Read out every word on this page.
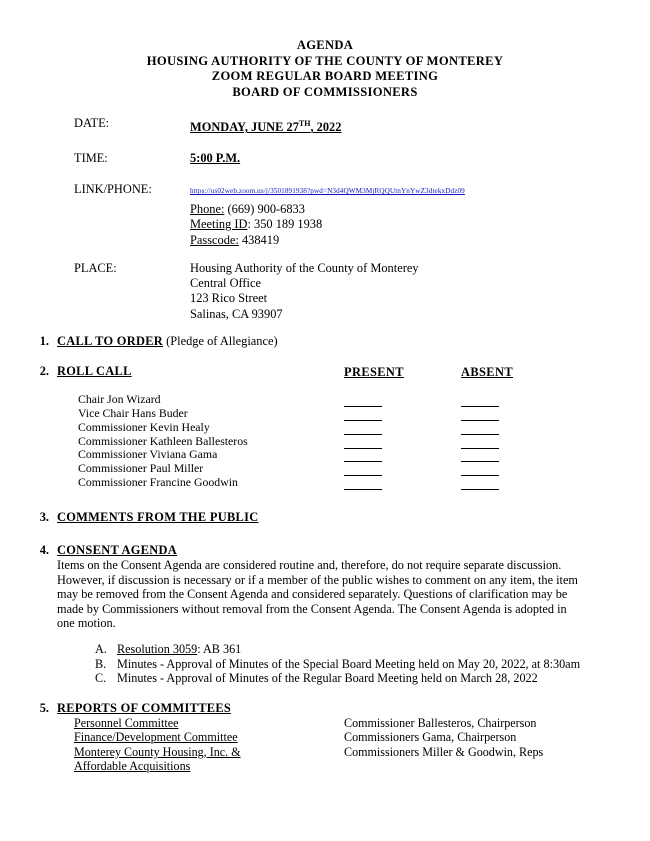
AGENDA
HOUSING AUTHORITY OF THE COUNTY OF MONTEREY
ZOOM REGULAR BOARD MEETING
BOARD OF COMMISSIONERS
DATE:	MONDAY, JUNE 27TH, 2022
TIME:	5:00 P.M.
LINK/PHONE:	https://us02web.zoom.us/j/3501891938?pwd=N3d4QWM3MjRQQUtnYnYwZ3dtekxDdz09
Phone: (669) 900-6833
Meeting ID: 350 189 1938
Passcode: 438419
PLACE:	Housing Authority of the County of Monterey
Central Office
123 Rico Street
Salinas, CA 93907
1. CALL TO ORDER (Pledge of Allegiance)
2. ROLL CALL	PRESENT	ABSENT
Chair Jon Wizard
Vice Chair Hans Buder
Commissioner Kevin Healy
Commissioner Kathleen Ballesteros
Commissioner Viviana Gama
Commissioner Paul Miller
Commissioner Francine Goodwin
3. COMMENTS FROM THE PUBLIC
4. CONSENT AGENDA

Items on the Consent Agenda are considered routine and, therefore, do not require separate discussion. However, if discussion is necessary or if a member of the public wishes to comment on any item, the item may be removed from the Consent Agenda and considered separately. Questions of clarification may be made by Commissioners without removal from the Consent Agenda. The Consent Agenda is adopted in one motion.

A. Resolution 3059: AB 361
B. Minutes - Approval of Minutes of the Special Board Meeting held on May 20, 2022, at 8:30am
C. Minutes - Approval of Minutes of the Regular Board Meeting held on March 28, 2022
5. REPORTS OF COMMITTEES
Personnel Committee	Commissioner Ballesteros, Chairperson
Finance/Development Committee	Commissioners Gama, Chairperson
Monterey County Housing, Inc. &	Commissioners Miller & Goodwin, Reps
Affordable Acquisitions
